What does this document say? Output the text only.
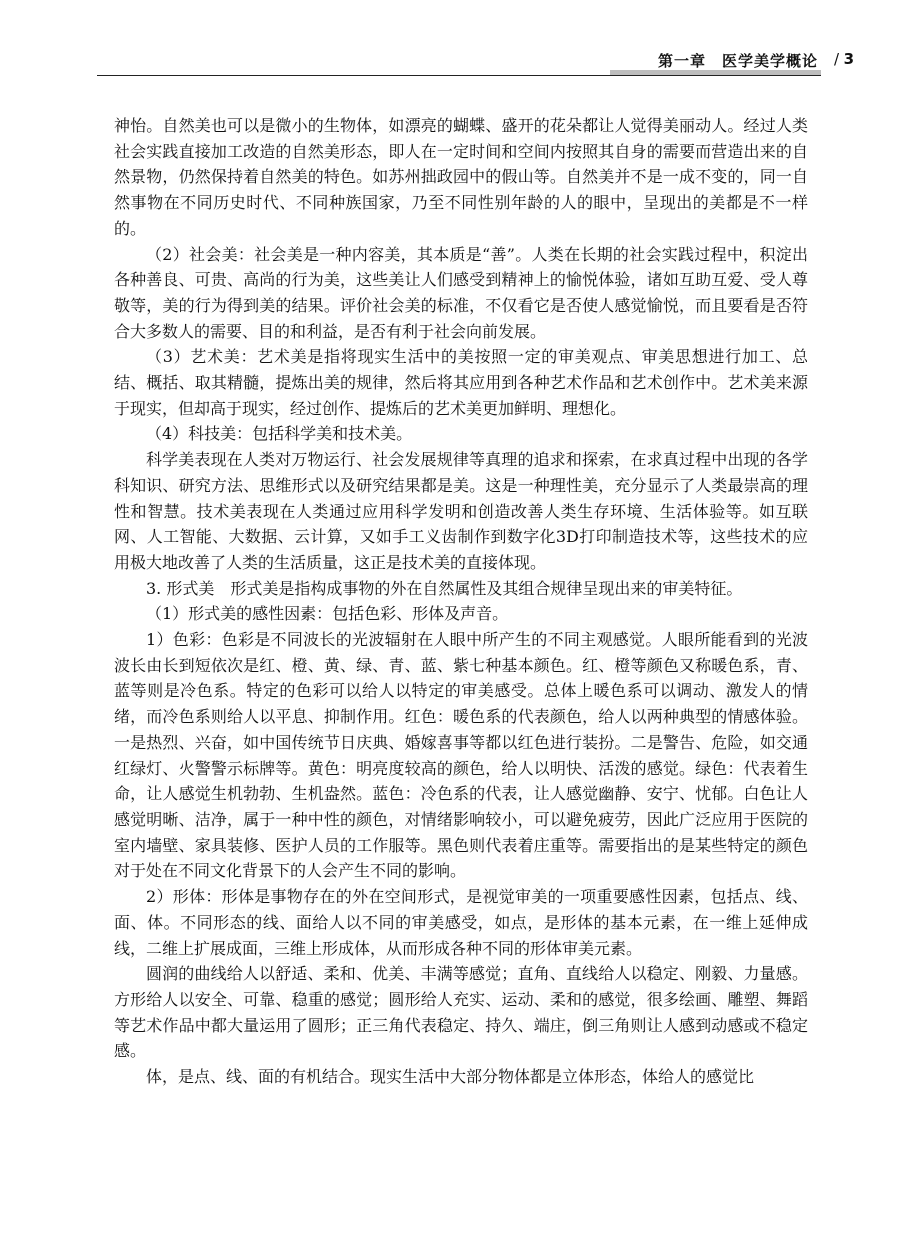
第一章　医学美学概论 / 3

神怡。自然美也可以是微小的生物体，如漂亮的蝴蝶、盛开的花朵都让人觉得美丽动人。经过人类社会实践直接加工改造的自然美形态，即人在一定时间和空间内按照其自身的需要而营造出来的自然景物，仍然保持着自然美的特色。如苏州拙政园中的假山等。自然美并不是一成不变的，同一自然事物在不同历史时代、不同种族国家，乃至不同性别年龄的人的眼中，呈现出的美都是不一样的。

（2）社会美：社会美是一种内容美，其本质是“善”。人类在长期的社会实践过程中，积淀出各种善良、可贵、高尚的行为美，这些美让人们感受到精神上的愉悦体验，诸如互助互爱、受人尊敬等，美的行为得到美的结果。评价社会美的标准，不仅看它是否使人感觉愉悦，而且要看是否符合大多数人的需要、目的和利益，是否有利于社会向前发展。

（3）艺术美：艺术美是指将现实生活中的美按照一定的审美观点、审美思想进行加工、总结、概括、取其精髓，提炼出美的规律，然后将其应用到各种艺术作品和艺术创作中。艺术美来源于现实，但却高于现实，经过创作、提炼后的艺术美更加鲜明、理想化。

（4）科技美：包括科学美和技术美。

科学美表现在人类对万物运行、社会发展规律等真理的追求和探索，在求真过程中出现的各学科知识、研究方法、思维形式以及研究结果都是美。这是一种理性美，充分显示了人类最崇高的理性和智慧。技术美表现在人类通过应用科学发明和创造改善人类生存环境、生活体验等。如互联网、人工智能、大数据、云计算，又如手工义齿制作到数字化3D打印制造技术等，这些技术的应用极大地改善了人类的生活质量，这正是技术美的直接体现。

3. 形式美　形式美是指构成事物的外在自然属性及其组合规律呈现出来的审美特征。

（1）形式美的感性因素：包括色彩、形体及声音。

1）色彩：色彩是不同波长的光波辐射在人眼中所产生的不同主观感觉。人眼所能看到的光波波长由长到短依次是红、橙、黄、绿、青、蓝、紫七种基本颜色。红、橙等颜色又称暖色系，青、蓝等则是冷色系。特定的色彩可以给人以特定的审美感受。总体上暖色系可以调动、激发人的情绪，而冷色系则给人以平息、抑制作用。红色：暖色系的代表颜色，给人以两种典型的情感体验。一是热烈、兴奋，如中国传统节日庆典、婚嫁喜事等都以红色进行装扮。二是警告、危险，如交通红绿灯、火警警示标牌等。黄色：明亮度较高的颜色，给人以明快、活泼的感觉。绿色：代表着生命，让人感觉生机勃勃、生机盎然。蓝色：冷色系的代表，让人感觉幽静、安宁、忧郁。白色让人感觉明晰、洁净，属于一种中性的颜色，对情绪影响较小，可以避免疲劳，因此广泛应用于医院的室内墙壁、家具装修、医护人员的工作服等。黑色则代表着庄重等。需要指出的是某些特定的颜色对于处在不同文化背景下的人会产生不同的影响。

2）形体：形体是事物存在的外在空间形式，是视觉审美的一项重要感性因素，包括点、线、面、体。不同形态的线、面给人以不同的审美感受，如点，是形体的基本元素，在一维上延伸成线，二维上扩展成面，三维上形成体，从而形成各种不同的形体审美元素。

圆润的曲线给人以舒适、柔和、优美、丰满等感觉；直角、直线给人以稳定、刚毅、力量感。方形给人以安全、可靠、稳重的感觉；圆形给人充实、运动、柔和的感觉，很多绘画、雕塑、舞蹈等艺术作品中都大量运用了圆形；正三角代表稳定、持久、端庄，倒三角则让人感到动感或不稳定感。

体，是点、线、面的有机结合。现实生活中大部分物体都是立体形态，体给人的感觉比
